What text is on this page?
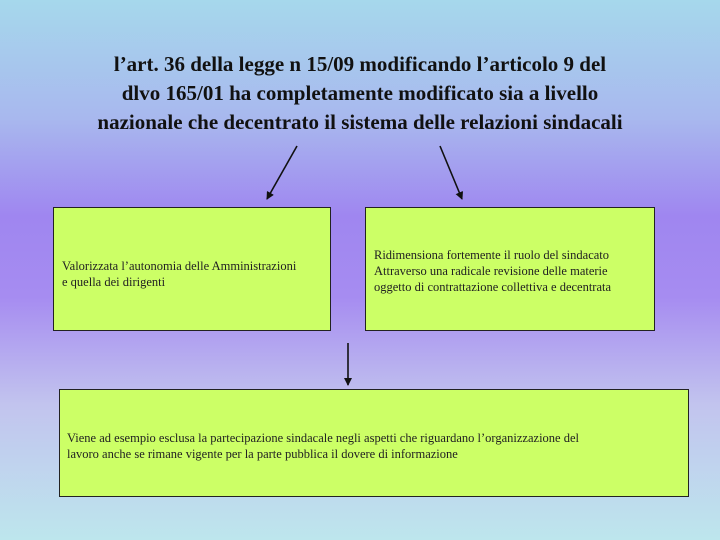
l’art. 36 della legge n 15/09 modificando l’articolo 9 del
dlvo 165/01 ha completamente modificato sia a livello
nazionale che decentrato il sistema delle relazioni sindacali
Valorizzata l’autonomia delle Amministrazioni
e quella dei dirigenti
Ridimensiona fortemente il ruolo del sindacato
Attraverso una radicale revisione delle materie
oggetto di contrattazione collettiva e decentrata
Viene ad esempio esclusa la partecipazione sindacale negli aspetti che riguardano l’organizzazione del
lavoro anche se rimane vigente per la parte pubblica il dovere di informazione
